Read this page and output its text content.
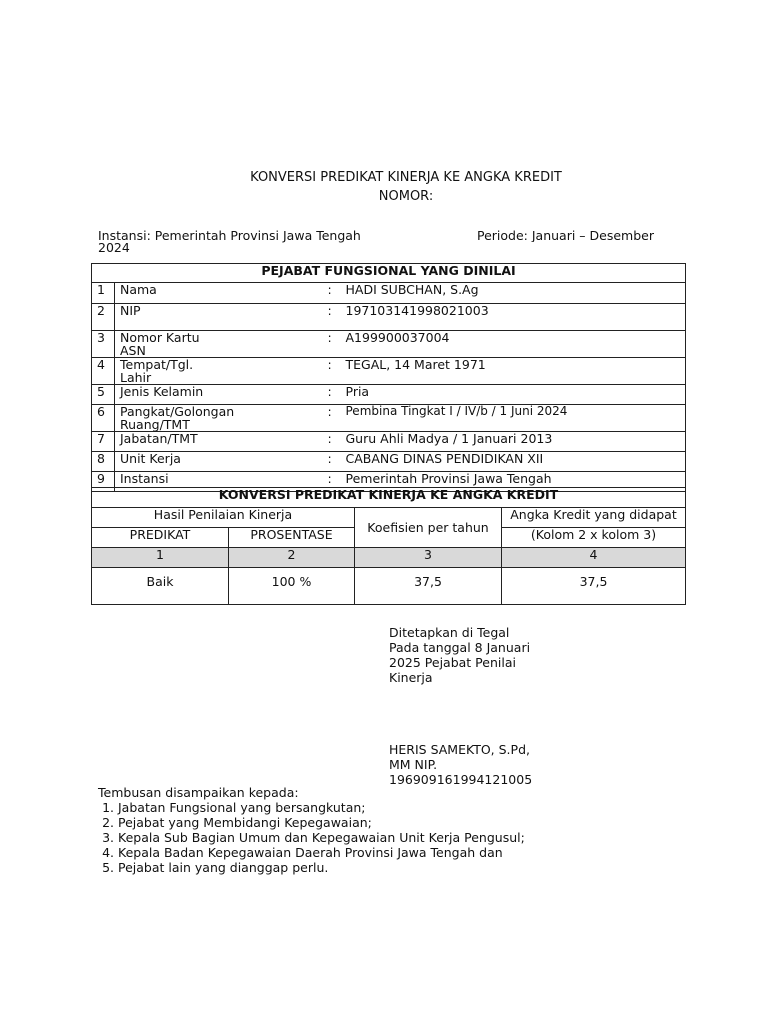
KONVERSI PREDIKAT KINERJA KE ANGKA KREDIT
NOMOR:
Instansi: Pemerintah Provinsi Jawa Tengah
2024
Periode: Januari – Desember
PEJABAT FUNGSIONAL YANG DINILAI			
1	Nama	:	HADI SUBCHAN, S.Ag
2	NIP	:	197103141998021003
3	Nomor Kartu ASN	:	A199900037004
4	Tempat/Tgl. Lahir	:	TEGAL, 14 Maret 1971
5	Jenis Kelamin	:	Pria
6	Pangkat/Golongan Ruang/TMT	:	Pembina Tingkat I / IV/b / 1 Juni 2024
7	Jabatan/TMT	:	Guru Ahli Madya / 1 Januari 2013
8	Unit Kerja	:	CABANG DINAS PENDIDIKAN XII
9	Instansi	:	Pemerintah Provinsi Jawa Tengah
KONVERSI PREDIKAT KINERJA KE ANGKA KREDIT			
Hasil Penilaian Kinerja		Koefisien per tahun	Angka Kredit yang didapat
PREDIKAT	PROSENTASE		(Kolom 2 x kolom 3)
1	2	3	4
Baik	100 %	37,5	37,5
Ditetapkan di Tegal
Pada tanggal 8 Januari
2025 Pejabat Penilai
Kinerja
HERIS SAMEKTO, S.Pd,
MM NIP.
196909161994121005
Tembusan disampaikan kepada:
1. Jabatan Fungsional yang bersangkutan;
2. Pejabat yang Membidangi Kepegawaian;
3. Kepala Sub Bagian Umum dan Kepegawaian Unit Kerja Pengusul;
4. Kepala Badan Kepegawaian Daerah Provinsi Jawa Tengah dan
5. Pejabat lain yang dianggap perlu.
